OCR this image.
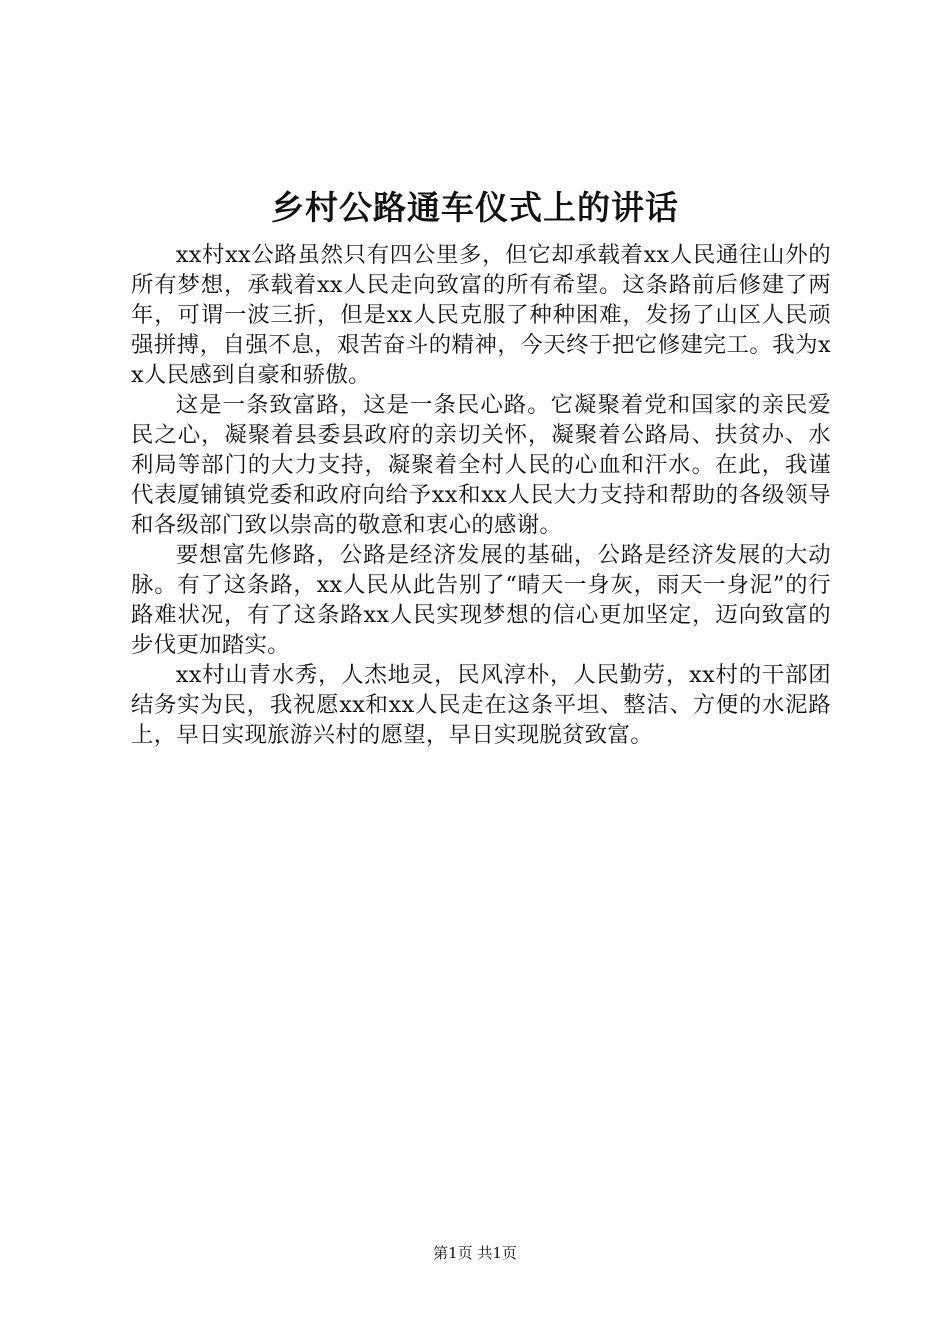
乡村公路通车仪式上的讲话

xx村xx公路虽然只有四公里多，但它却承载着xx人民通往山外的所有梦想，承载着xx人民走向致富的所有希望。这条路前后修建了两年，可谓一波三折，但是xx人民克服了种种困难，发扬了山区人民顽强拼搏，自强不息，艰苦奋斗的精神，今天终于把它修建完工。我为xx人民感到自豪和骄傲。

这是一条致富路，这是一条民心路。它凝聚着党和国家的亲民爱民之心，凝聚着县委县政府的亲切关怀，凝聚着公路局、扶贫办、水利局等部门的大力支持，凝聚着全村人民的心血和汗水。在此，我谨代表厦铺镇党委和政府向给予xx和xx人民大力支持和帮助的各级领导和各级部门致以崇高的敬意和衷心的感谢。

要想富先修路，公路是经济发展的基础，公路是经济发展的大动脉。有了这条路，xx人民从此告别了“晴天一身灰，雨天一身泥”的行路难状况，有了这条路xx人民实现梦想的信心更加坚定，迈向致富的步伐更加踏实。

xx村山青水秀，人杰地灵，民风淳朴，人民勤劳，xx村的干部团结务实为民，我祝愿xx和xx人民走在这条平坦、整洁、方便的水泥路上，早日实现旅游兴村的愿望，早日实现脱贫致富。

第1页 共1页
